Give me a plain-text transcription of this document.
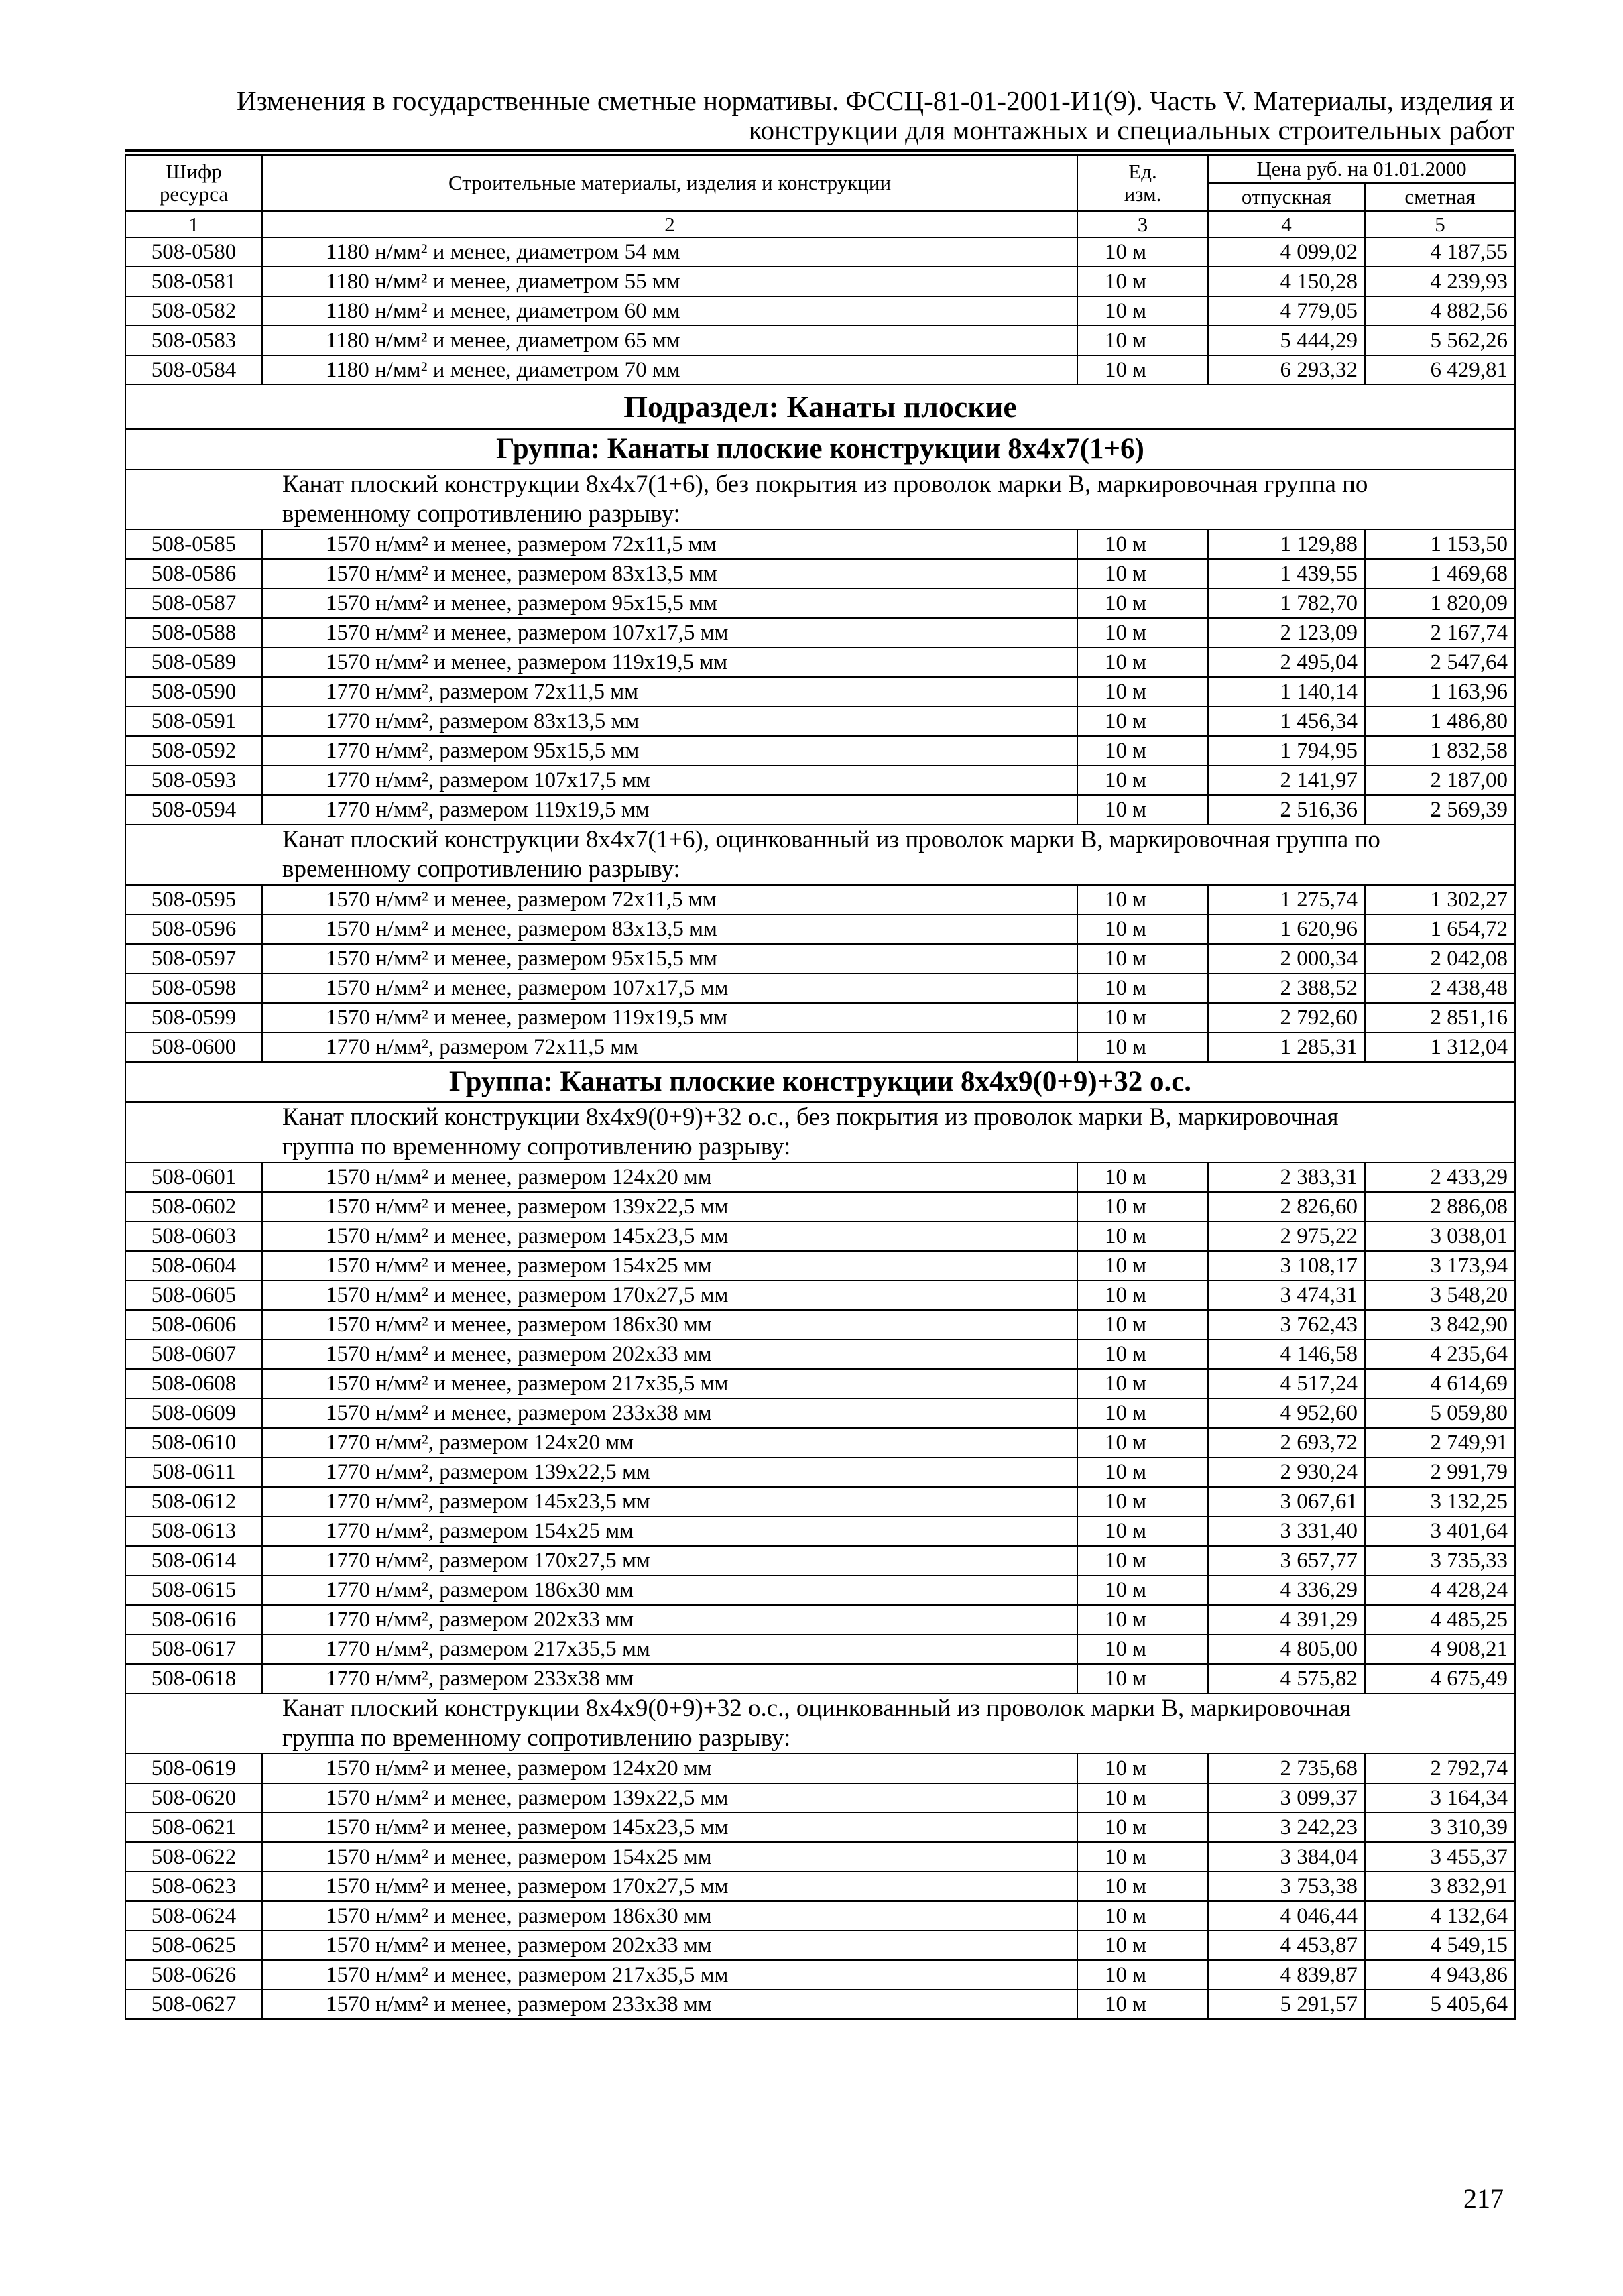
Изменения в государственные сметные нормативы. ФССЦ-81-01-2001-И1(9). Часть V. Материалы, изделия и
конструкции для монтажных и специальных строительных работ
Шифр
ресурса	Строительные материалы, изделия и конструкции	Ед.
изм.	Цена руб. на 01.01.2000	
			отпускная	сметная
1	2	3	4	5
508-0580	1180 н/мм² и менее, диаметром 54 мм	10 м	4 099,02	4 187,55
508-0581	1180 н/мм² и менее, диаметром 55 мм	10 м	4 150,28	4 239,93
508-0582	1180 н/мм² и менее, диаметром 60 мм	10 м	4 779,05	4 882,56
508-0583	1180 н/мм² и менее, диаметром 65 мм	10 м	5 444,29	5 562,26
508-0584	1180 н/мм² и менее, диаметром 70 мм	10 м	6 293,32	6 429,81
Подраздел: Канаты плоские				
Группа: Канаты плоские конструкции 8х4х7(1+6)				

	Канат плоский конструкции 8х4х7(1+6), без покрытия из проволок марки В, маркировочная группа по
временному сопротивлению разрыву:			

508-0585	1570 н/мм² и менее, размером 72х11,5 мм	10 м	1 129,88	1 153,50
508-0586	1570 н/мм² и менее, размером 83х13,5 мм	10 м	1 439,55	1 469,68
508-0587	1570 н/мм² и менее, размером 95х15,5 мм	10 м	1 782,70	1 820,09
508-0588	1570 н/мм² и менее, размером 107х17,5 мм	10 м	2 123,09	2 167,74
508-0589	1570 н/мм² и менее, размером 119х19,5 мм	10 м	2 495,04	2 547,64
508-0590	1770 н/мм², размером 72х11,5 мм	10 м	1 140,14	1 163,96
508-0591	1770 н/мм², размером 83х13,5 мм	10 м	1 456,34	1 486,80
508-0592	1770 н/мм², размером 95х15,5 мм	10 м	1 794,95	1 832,58
508-0593	1770 н/мм², размером 107х17,5 мм	10 м	2 141,97	2 187,00
508-0594	1770 н/мм², размером 119х19,5 мм	10 м	2 516,36	2 569,39

	Канат плоский конструкции 8х4х7(1+6), оцинкованный из проволок марки В, маркировочная группа по
временному сопротивлению разрыву:			

508-0595	1570 н/мм² и менее, размером 72х11,5 мм	10 м	1 275,74	1 302,27
508-0596	1570 н/мм² и менее, размером 83х13,5 мм	10 м	1 620,96	1 654,72
508-0597	1570 н/мм² и менее, размером 95х15,5 мм	10 м	2 000,34	2 042,08
508-0598	1570 н/мм² и менее, размером 107х17,5 мм	10 м	2 388,52	2 438,48
508-0599	1570 н/мм² и менее, размером 119х19,5 мм	10 м	2 792,60	2 851,16
508-0600	1770 н/мм², размером 72х11,5 мм	10 м	1 285,31	1 312,04
Группа: Канаты плоские конструкции 8х4х9(0+9)+32 о.с.				

	Канат плоский конструкции 8х4х9(0+9)+32 о.с., без покрытия из проволок марки В, маркировочная
группа по временному сопротивлению разрыву:			

508-0601	1570 н/мм² и менее, размером 124х20 мм	10 м	2 383,31	2 433,29
508-0602	1570 н/мм² и менее, размером 139х22,5 мм	10 м	2 826,60	2 886,08
508-0603	1570 н/мм² и менее, размером 145х23,5 мм	10 м	2 975,22	3 038,01
508-0604	1570 н/мм² и менее, размером 154х25 мм	10 м	3 108,17	3 173,94
508-0605	1570 н/мм² и менее, размером 170х27,5 мм	10 м	3 474,31	3 548,20
508-0606	1570 н/мм² и менее, размером 186х30 мм	10 м	3 762,43	3 842,90
508-0607	1570 н/мм² и менее, размером 202х33 мм	10 м	4 146,58	4 235,64
508-0608	1570 н/мм² и менее, размером 217х35,5 мм	10 м	4 517,24	4 614,69
508-0609	1570 н/мм² и менее, размером 233х38 мм	10 м	4 952,60	5 059,80
508-0610	1770 н/мм², размером 124х20 мм	10 м	2 693,72	2 749,91
508-0611	1770 н/мм², размером 139х22,5 мм	10 м	2 930,24	2 991,79
508-0612	1770 н/мм², размером 145х23,5 мм	10 м	3 067,61	3 132,25
508-0613	1770 н/мм², размером 154х25 мм	10 м	3 331,40	3 401,64
508-0614	1770 н/мм², размером 170х27,5 мм	10 м	3 657,77	3 735,33
508-0615	1770 н/мм², размером 186х30 мм	10 м	4 336,29	4 428,24
508-0616	1770 н/мм², размером 202х33 мм	10 м	4 391,29	4 485,25
508-0617	1770 н/мм², размером 217х35,5 мм	10 м	4 805,00	4 908,21
508-0618	1770 н/мм², размером 233х38 мм	10 м	4 575,82	4 675,49

	Канат плоский конструкции 8х4х9(0+9)+32 о.с., оцинкованный из проволок марки В, маркировочная
группа по временному сопротивлению разрыву:			

508-0619	1570 н/мм² и менее, размером 124х20 мм	10 м	2 735,68	2 792,74
508-0620	1570 н/мм² и менее, размером 139х22,5 мм	10 м	3 099,37	3 164,34
508-0621	1570 н/мм² и менее, размером 145х23,5 мм	10 м	3 242,23	3 310,39
508-0622	1570 н/мм² и менее, размером 154х25 мм	10 м	3 384,04	3 455,37
508-0623	1570 н/мм² и менее, размером 170х27,5 мм	10 м	3 753,38	3 832,91
508-0624	1570 н/мм² и менее, размером 186х30 мм	10 м	4 046,44	4 132,64
508-0625	1570 н/мм² и менее, размером 202х33 мм	10 м	4 453,87	4 549,15
508-0626	1570 н/мм² и менее, размером 217х35,5 мм	10 м	4 839,87	4 943,86
508-0627	1570 н/мм² и менее, размером 233х38 мм	10 м	5 291,57	5 405,64
217
